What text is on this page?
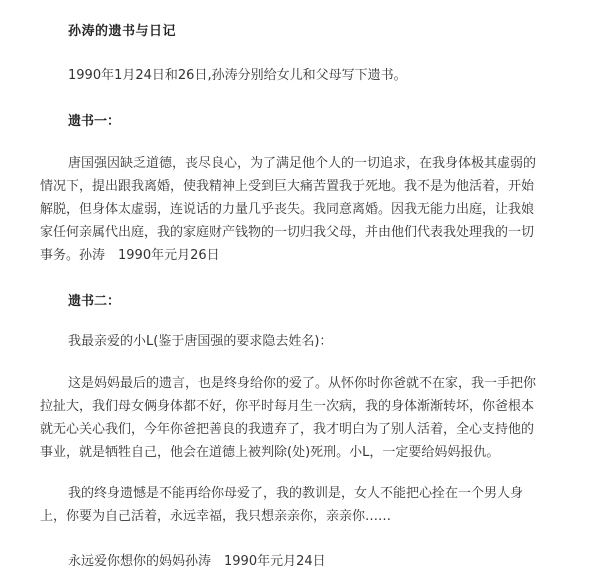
孙涛的遗书与日记
1990年1月24日和26日,孙涛分别给女儿和父母写下遗书。
遗书一：
唐国强因缺乏道德，丧尽良心，为了满足他个人的一切追求，在我身体极其虚弱的
情况下，提出跟我离婚，使我精神上受到巨大痛苦置我于死地。我不是为他活着，开始
解脱，但身体太虚弱，连说话的力量几乎丧失。我同意离婚。因我无能力出庭，让我娘
家任何亲属代出庭，我的家庭财产钱物的一切归我父母，并由他们代表我处理我的一切
事务。孙涛　1990年元月26日
遗书二：
我最亲爱的小L(鉴于唐国强的要求隐去姓名)：
这是妈妈最后的遗言，也是终身给你的爱了。从怀你时你爸就不在家，我一手把你
拉扯大，我们母女俩身体都不好，你平时每月生一次病，我的身体渐渐转坏，你爸根本
就无心关心我们，今年你爸把善良的我遗弃了，我才明白为了别人活着，全心支持他的
事业，就是牺牲自己，他会在道德上被判除(处)死刑。小L，一定要给妈妈报仇。
我的终身遗憾是不能再给你母爱了，我的教训是，女人不能把心拴在一个男人身
上，你要为自己活着，永远幸福，我只想亲亲你，亲亲你……
永远爱你想你的妈妈孙涛　1990年元月24日
